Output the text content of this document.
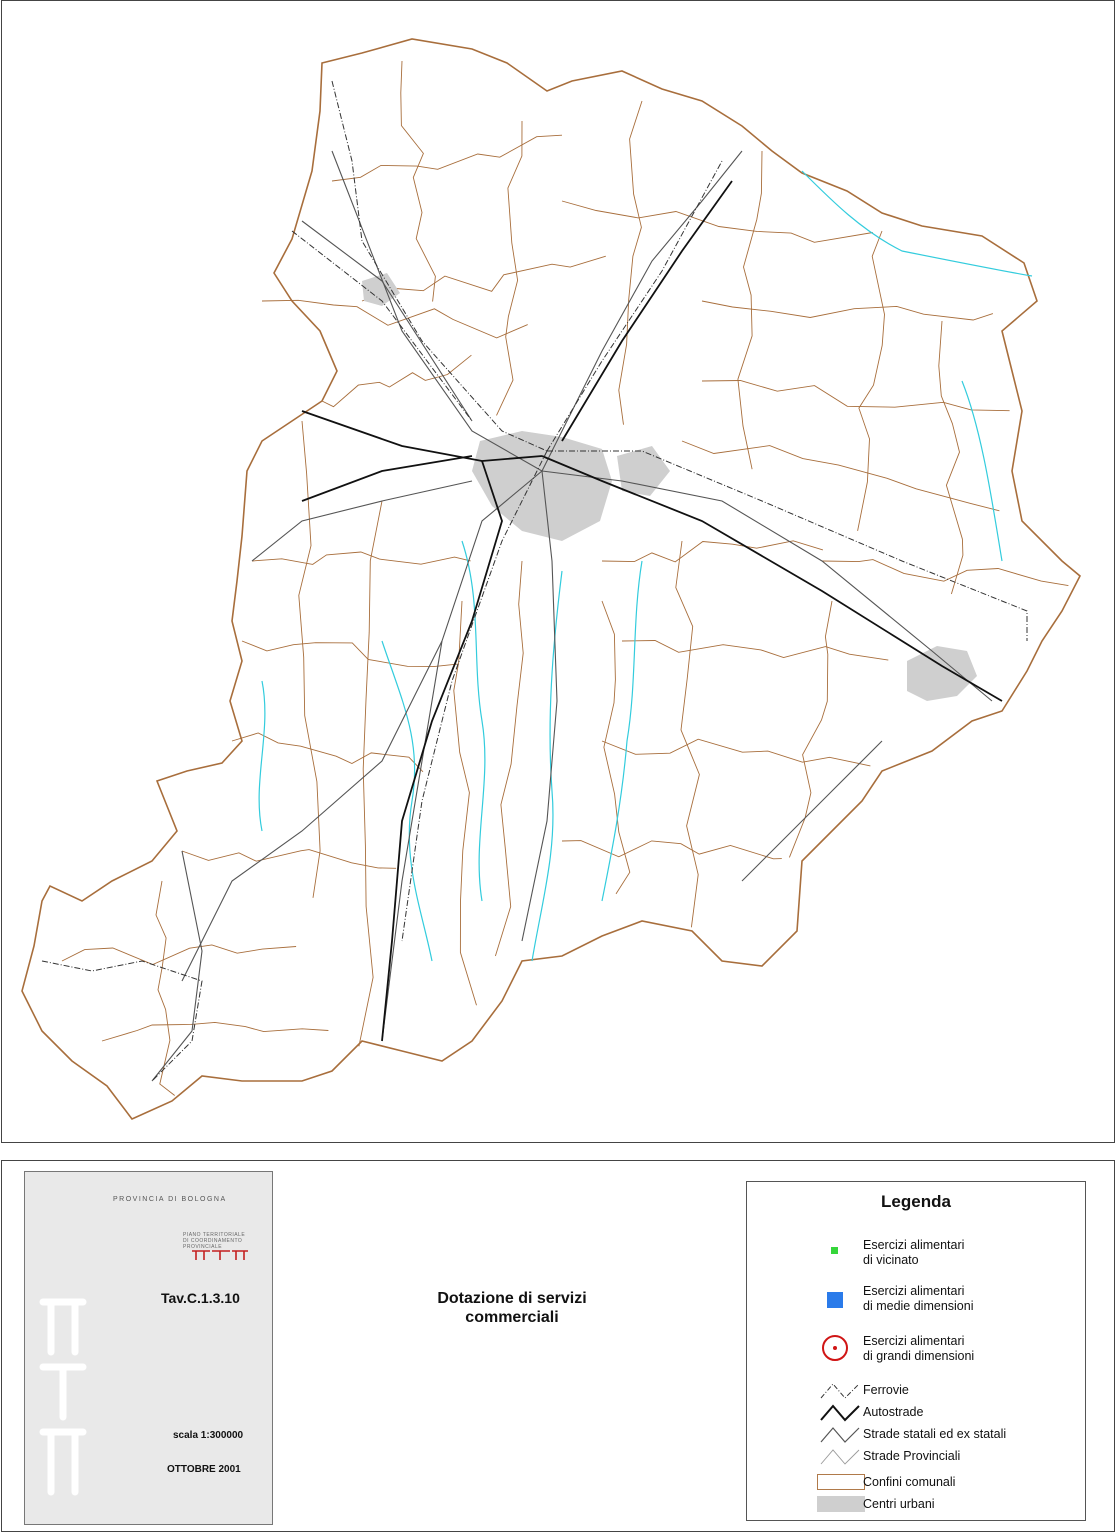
PROVINCIA DI BOLOGNA
PIANO TERRITORIALE
DI COORDINAMENTO
PROVINCIALE
Tav.C.1.3.10
scala 1:300000
OTTOBRE 2001
Dotazione di servizi
commerciali
Legenda
Esercizi alimentari
di vicinato
Esercizi alimentari
di medie dimensioni
Esercizi alimentari
di grandi dimensioni
Ferrovie
Autostrade
Strade statali ed ex statali
Strade Provinciali
Confini comunali
Centri urbani
